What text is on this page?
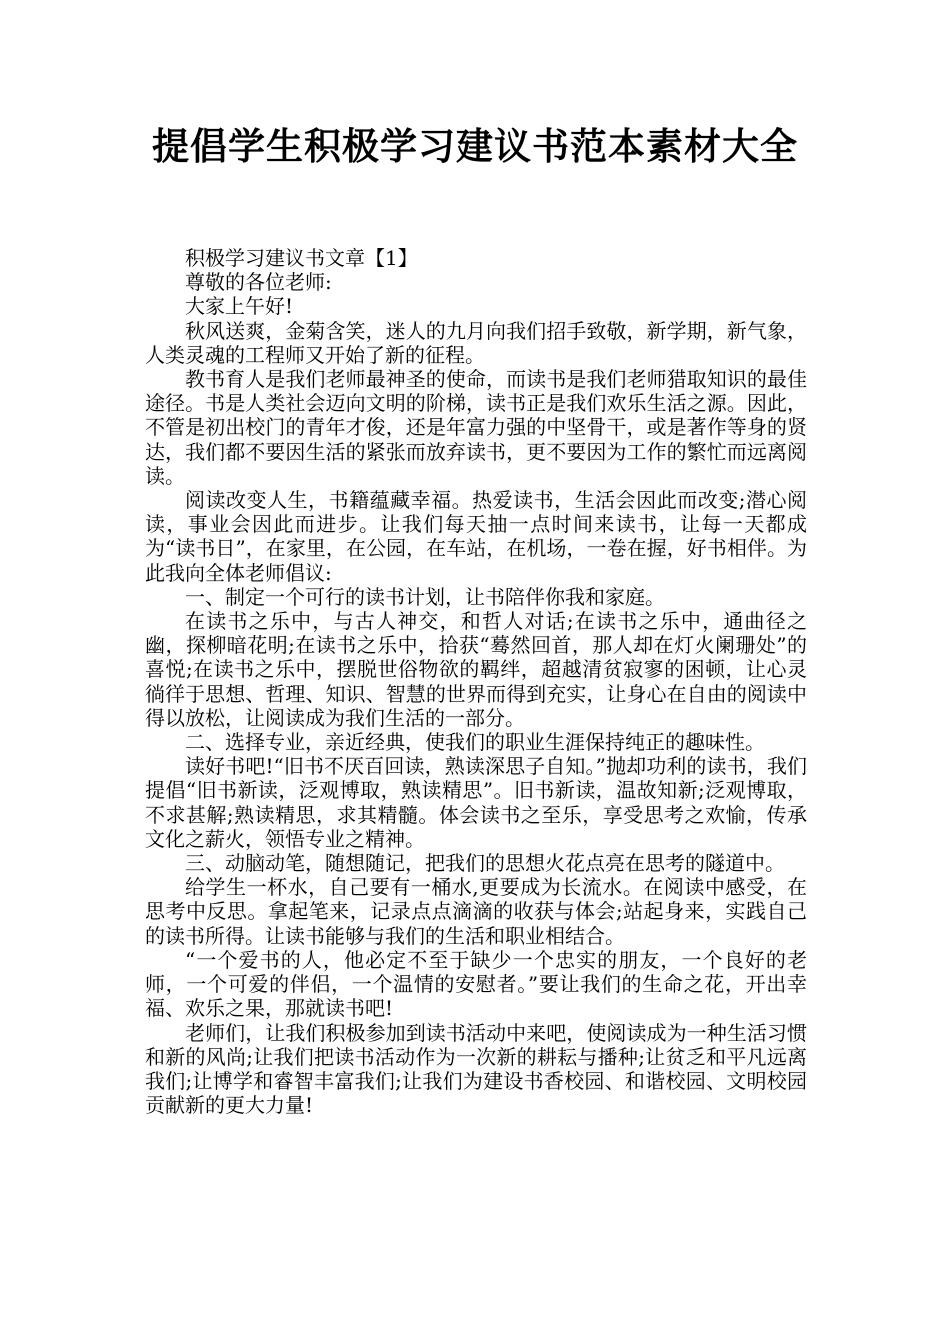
提倡学生积极学习建议书范本素材大全

积极学习建议书文章【1】

尊敬的各位老师:

大家上午好!

秋风送爽，金菊含笑，迷人的九月向我们招手致敬，新学期，新气象，人类灵魂的工程师又开始了新的征程。

教书育人是我们老师最神圣的使命，而读书是我们老师猎取知识的最佳途径。书是人类社会迈向文明的阶梯，读书正是我们欢乐生活之源。因此，不管是初出校门的青年才俊，还是年富力强的中坚骨干，或是著作等身的贤达，我们都不要因生活的紧张而放弃读书，更不要因为工作的繁忙而远离阅读。

阅读改变人生，书籍蕴藏幸福。热爱读书，生活会因此而改变;潜心阅读，事业会因此而进步。让我们每天抽一点时间来读书，让每一天都成为“读书日”，在家里，在公园，在车站，在机场，一卷在握，好书相伴。为此我向全体老师倡议:

一、制定一个可行的读书计划，让书陪伴你我和家庭。

在读书之乐中，与古人神交，和哲人对话;在读书之乐中，通曲径之幽，探柳暗花明;在读书之乐中，拾获“蓦然回首，那人却在灯火阑珊处”的喜悦;在读书之乐中，摆脱世俗物欲的羁绊，超越清贫寂寥的困顿，让心灵徜徉于思想、哲理、知识、智慧的世界而得到充实，让身心在自由的阅读中得以放松，让阅读成为我们生活的一部分。

二、选择专业，亲近经典，使我们的职业生涯保持纯正的趣味性。

读好书吧!“旧书不厌百回读，熟读深思子自知。”抛却功利的读书，我们提倡“旧书新读，泛观博取，熟读精思”。旧书新读，温故知新;泛观博取，不求甚解;熟读精思，求其精髓。体会读书之至乐，享受思考之欢愉，传承文化之薪火，领悟专业之精神。

三、动脑动笔，随想随记，把我们的思想火花点亮在思考的隧道中。

给学生一杯水，自己要有一桶水,更要成为长流水。在阅读中感受，在思考中反思。拿起笔来，记录点点滴滴的收获与体会;站起身来，实践自己的读书所得。让读书能够与我们的生活和职业相结合。

“一个爱书的人，他必定不至于缺少一个忠实的朋友，一个良好的老师，一个可爱的伴侣，一个温情的安慰者。”要让我们的生命之花，开出幸福、欢乐之果，那就读书吧!

老师们，让我们积极参加到读书活动中来吧，使阅读成为一种生活习惯和新的风尚;让我们把读书活动作为一次新的耕耘与播种;让贫乏和平凡远离我们;让博学和睿智丰富我们;让我们为建设书香校园、和谐校园、文明校园贡献新的更大力量!
